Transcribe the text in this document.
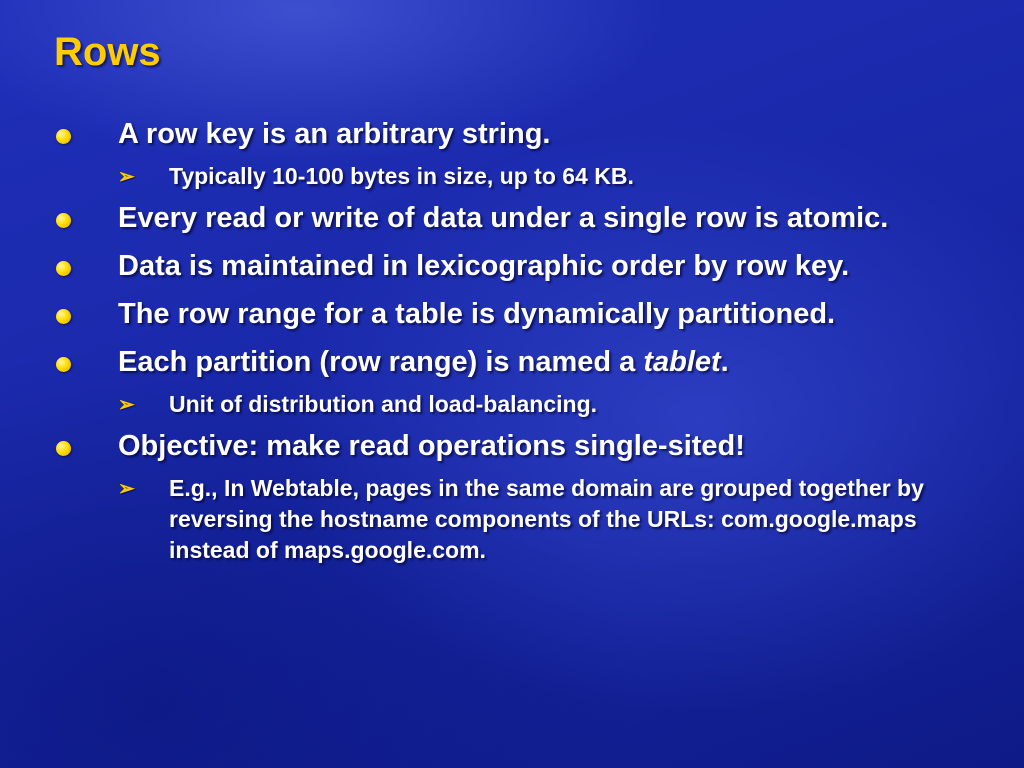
Rows
A row key is an arbitrary string.
➢ Typically 10-100 bytes in size, up to 64 KB.
Every read or write of data under a single row is atomic.
Data is maintained in lexicographic order by row key.
The row range for a table is dynamically partitioned.
Each partition (row range) is named a tablet.
➢ Unit of distribution and load-balancing.
Objective: make read operations single-sited!
➢ E.g., In Webtable, pages in the same domain are grouped together by reversing the hostname components of the URLs: com.google.maps instead of maps.google.com.
